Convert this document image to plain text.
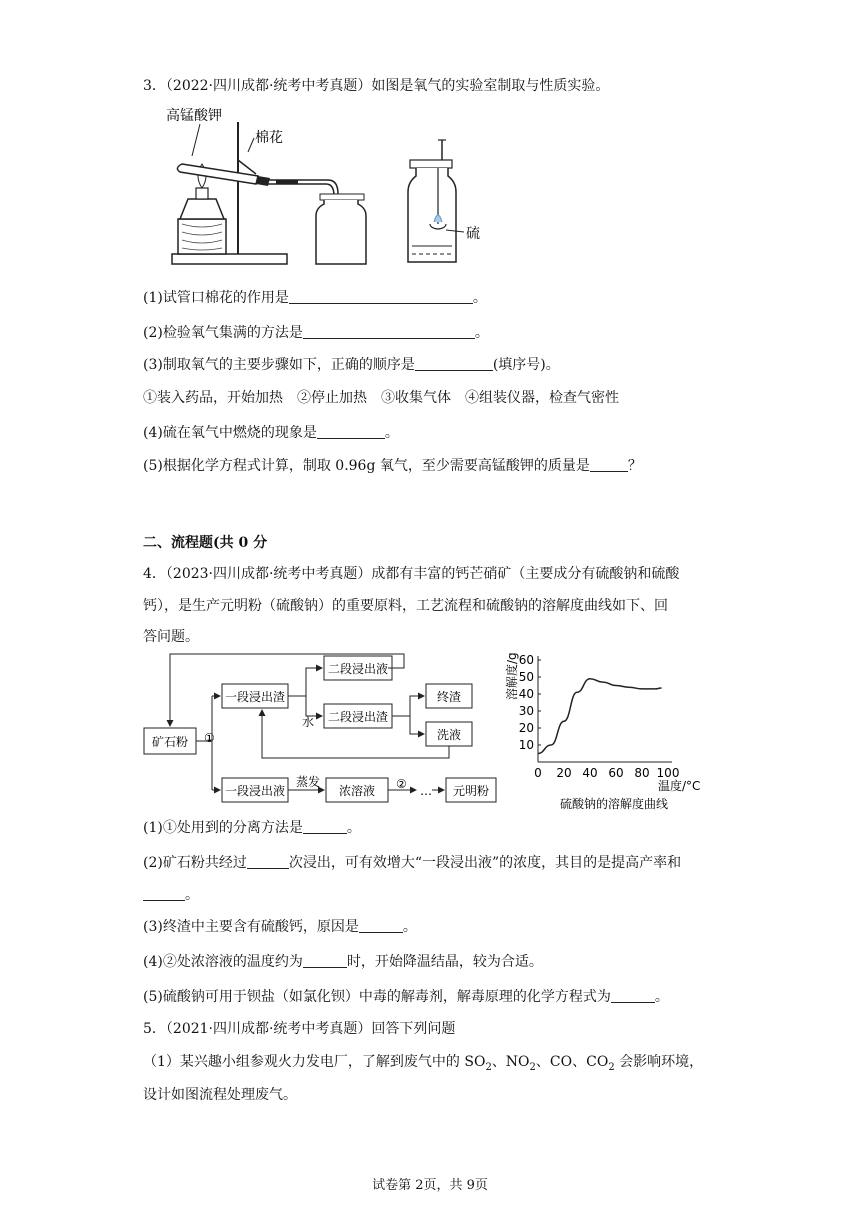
3．（2022·四川成都·统考中考真题）如图是氧气的实验室制取与性质实验。
高锰酸钾
棉花
硫
(1)试管口棉花的作用是	。
(2)检验氧气集满的方法是	。
(3)制取氧气的主要步骤如下，正确的顺序是	(填序号)。
①装入药品，开始加热　②停止加热　③收集气体　④组装仪器，检查气密性
(4)硫在氧气中燃烧的现象是	。
(5)根据化学方程式计算，制取 0.96g 氧气，至少需要高锰酸钾的质量是	？
二、流程题(共 0 分
4．（2023·四川成都·统考中考真题）成都有丰富的钙芒硝矿（主要成分有硫酸钠和硫酸
钙），是生产元明粉（硫酸钠）的重要原料，工艺流程和硫酸钠的溶解度曲线如下、回
答问题。
矿石粉 ①
一段浸出渣
二段浸出液
二段浸出渣
水
终渣
洗液
一段浸出液
蒸发
浓溶液 ② … 元明粉
60
50
40
30
20
10
0 20 40 60 80 100
溶解度/g
温度/°C
硫酸钠的溶解度曲线
(1)①处用到的分离方法是	。
(2)矿石粉共经过	次浸出，可有效增大“一段浸出液”的浓度，其目的是提高产率和
。
(3)终渣中主要含有硫酸钙，原因是	。
(4)②处浓溶液的温度约为	时，开始降温结晶，较为合适。
(5)硫酸钠可用于钡盐（如氯化钡）中毒的解毒剂，解毒原理的化学方程式为	。
5．（2021·四川成都·统考中考真题）回答下列问题
（1）某兴趣小组参观火力发电厂，了解到废气中的 $SO_2$、$NO_2$、CO、$CO_2$ 会影响环境，
设计如图流程处理废气。
试卷第 2页，共 9页
